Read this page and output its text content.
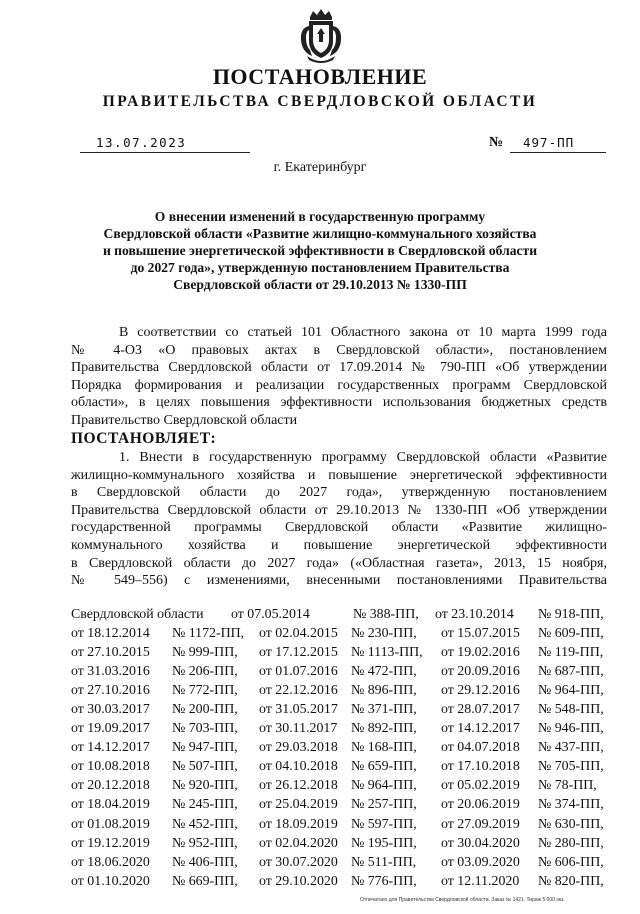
ПОСТАНОВЛЕНИЕ
ПРАВИТЕЛЬСТВА СВЕРДЛОВСКОЙ ОБЛАСТИ
13.07.2023	№ 497-ПП
г. Екатеринбург
О внесении изменений в государственную программу
Свердловской области «Развитие жилищно-коммунального хозяйства
и повышение энергетической эффективности в Свердловской области
до 2027 года», утвержденную постановлением Правительства
Свердловской области от 29.10.2013 № 1330-ПП
В соответствии со статьей 101 Областного закона от 10 марта 1999 года
№ 4-ОЗ «О правовых актах в Свердловской области», постановлением
Правительства Свердловской области от 17.09.2014 № 790-ПП «Об утверждении
Порядка формирования и реализации государственных программ Свердловской
области», в целях повышения эффективности использования бюджетных средств
Правительство Свердловской области
ПОСТАНОВЛЯЕТ:
1. Внести в государственную программу Свердловской области «Развитие
жилищно-коммунального хозяйства и повышение энергетической эффективности
в Свердловской области до 2027 года», утвержденную постановлением
Правительства Свердловской области от 29.10.2013 № 1330-ПП «Об утверждении
государственной программы Свердловской области «Развитие жилищно-
коммунального хозяйства и повышение энергетической эффективности
в Свердловской области до 2027 года» («Областная газета», 2013, 15 ноября,
№ 549–556) с изменениями, внесенными постановлениями Правительства
Свердловской области от 07.05.2014	№ 388-ПП, от 23.10.2014 № 918-ПП,
от 18.12.2014 № 1172-ПП, от 02.04.2015 № 230-ПП, от 15.07.2015 № 609-ПП,
от 27.10.2015 № 999-ПП, от 17.12.2015 № 1113-ПП, от 19.02.2016 № 119-ПП,
от 31.03.2016 № 206-ПП, от 01.07.2016 № 472-ПП, от 20.09.2016 № 687-ПП,
от 27.10.2016 № 772-ПП, от 22.12.2016 № 896-ПП, от 29.12.2016 № 964-ПП,
от 30.03.2017 № 200-ПП, от 31.05.2017 № 371-ПП, от 28.07.2017 № 548-ПП,
от 19.09.2017 № 703-ПП, от 30.11.2017 № 892-ПП, от 14.12.2017 № 946-ПП,
от 14.12.2017 № 947-ПП, от 29.03.2018 № 168-ПП, от 04.07.2018 № 437-ПП,
от 10.08.2018 № 507-ПП, от 04.10.2018 № 659-ПП, от 17.10.2018 № 705-ПП,
от 20.12.2018 № 920-ПП, от 26.12.2018 № 964-ПП, от 05.02.2019 № 78-ПП,
от 18.04.2019 № 245-ПП, от 25.04.2019 № 257-ПП, от 20.06.2019 № 374-ПП,
от 01.08.2019 № 452-ПП, от 18.09.2019 № 597-ПП, от 27.09.2019 № 630-ПП,
от 19.12.2019 № 952-ПП, от 02.04.2020 № 195-ПП, от 30.04.2020 № 280-ПП,
от 18.06.2020 № 406-ПП, от 30.07.2020 № 511-ПП, от 03.09.2020 № 606-ПП,
от 01.10.2020 № 669-ПП, от 29.10.2020 № 776-ПП, от 12.11.2020 № 820-ПП,
Отпечатано для Правительства Свердловской области. Заказ № 1421. Тираж 5 000 экз.
